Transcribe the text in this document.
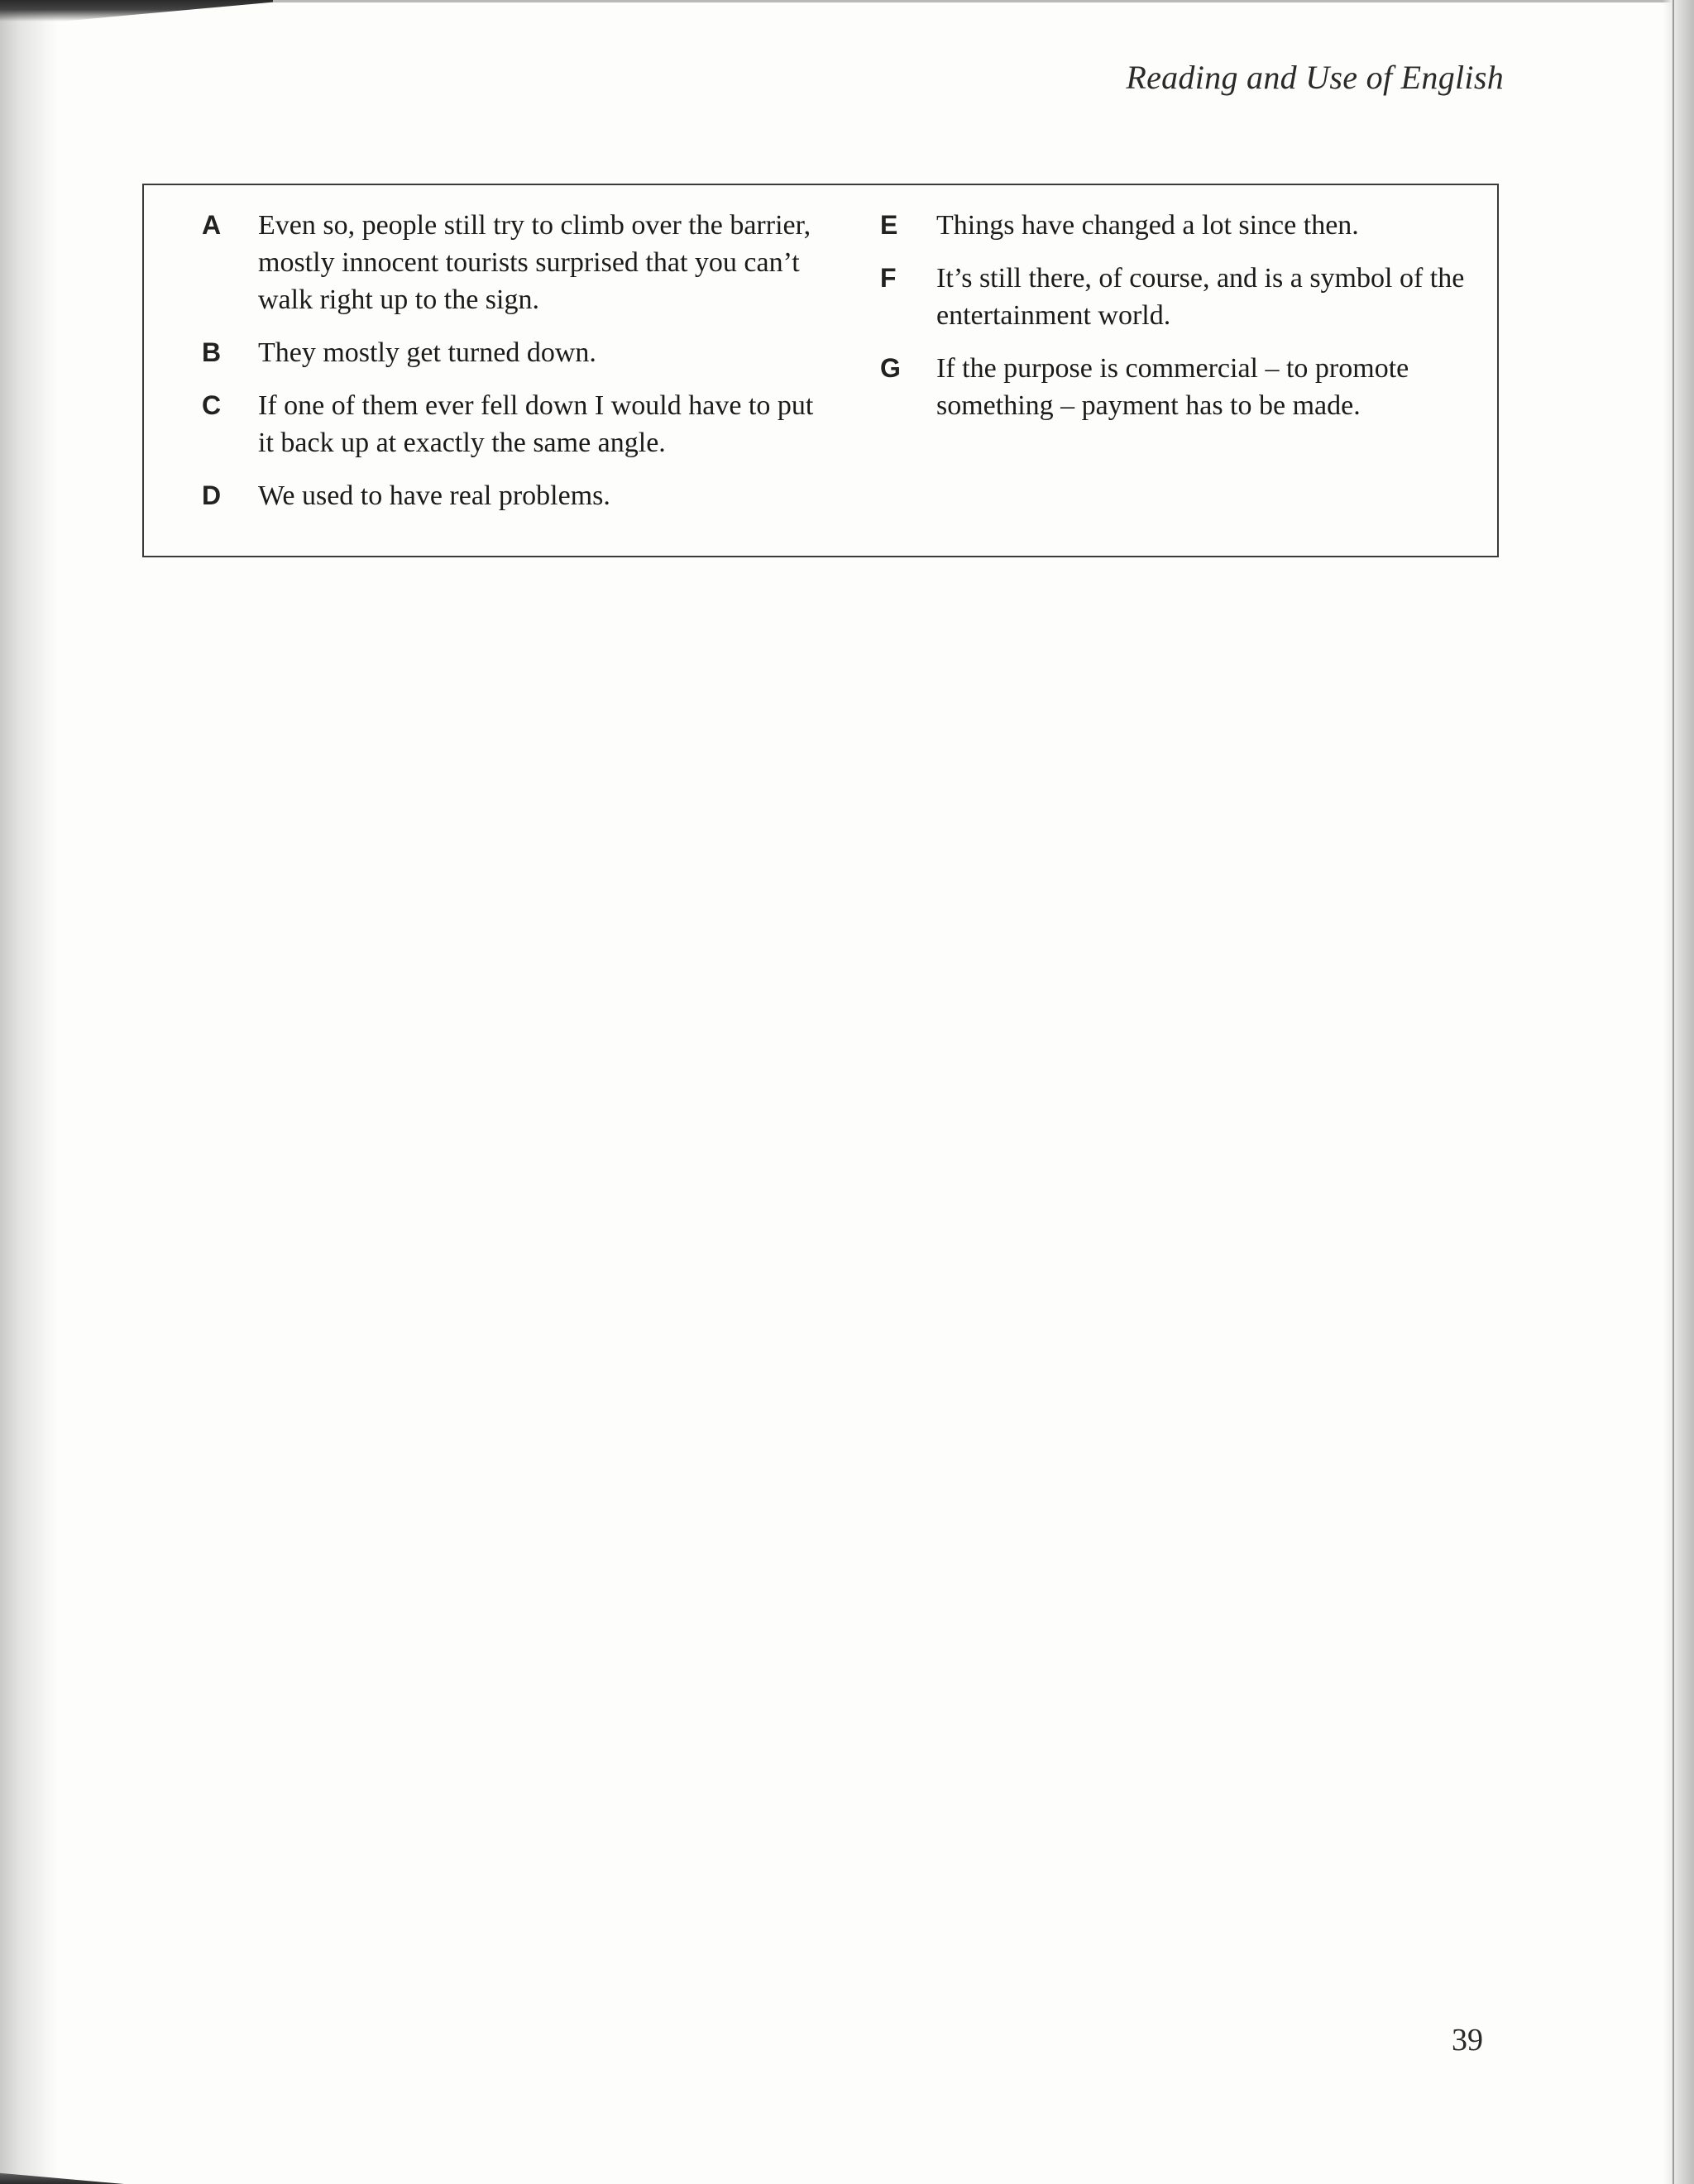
Reading and Use of English
A Even so, people still try to climb over the barrier, mostly innocent tourists surprised that you can’t walk right up to the sign.
B They mostly get turned down.
C If one of them ever fell down I would have to put it back up at exactly the same angle.
D We used to have real problems.
E Things have changed a lot since then.
F It’s still there, of course, and is a symbol of the entertainment world.
G If the purpose is commercial – to promote something – payment has to be made.
39
